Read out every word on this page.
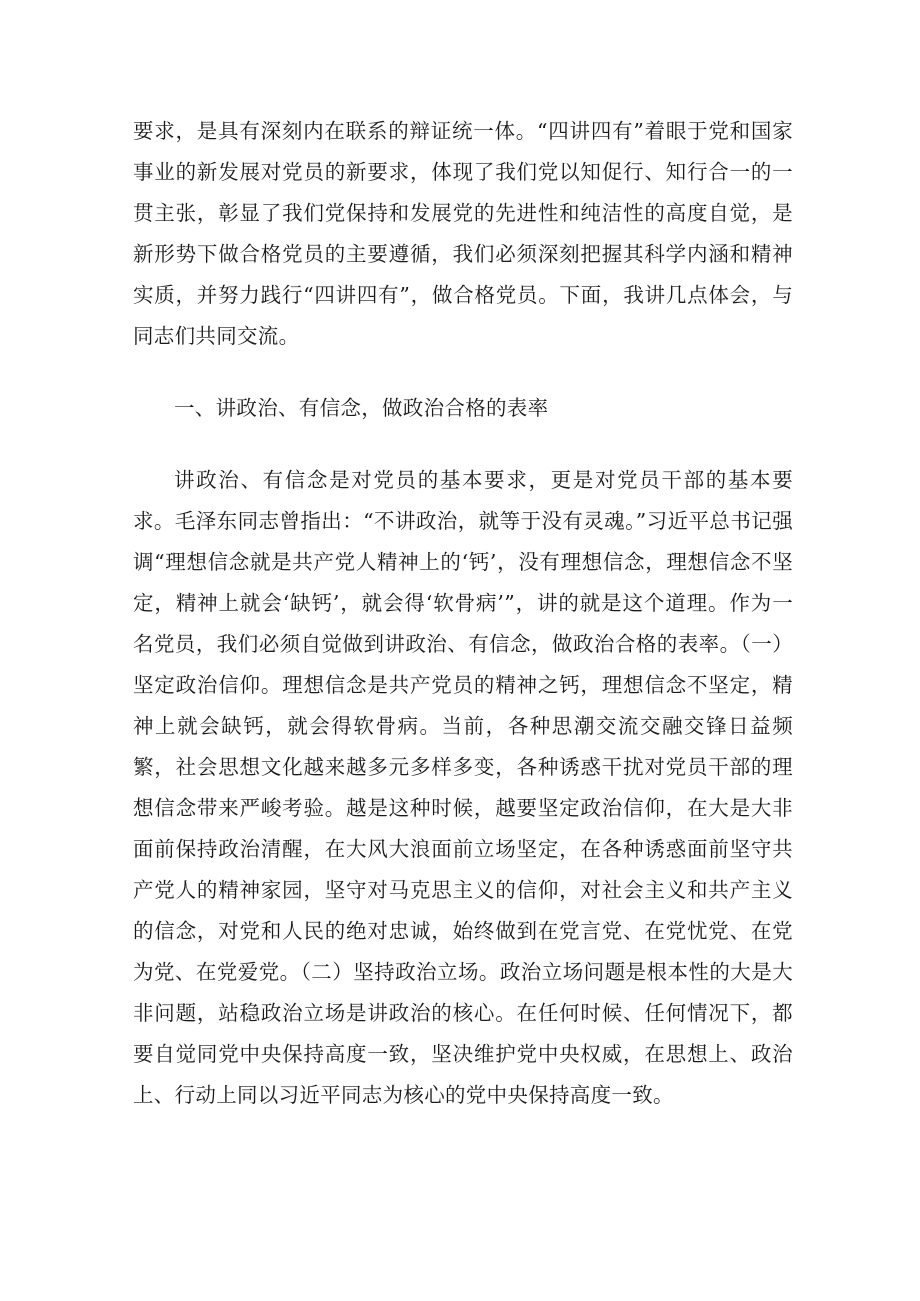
要求，是具有深刻内在联系的辩证统一体。“四讲四有”着眼于党和国家事业的新发展对党员的新要求，体现了我们党以知促行、知行合一的一贯主张，彰显了我们党保持和发展党的先进性和纯洁性的高度自觉，是新形势下做合格党员的主要遵循，我们必须深刻把握其科学内涵和精神实质，并努力践行“四讲四有”，做合格党员。下面，我讲几点体会，与同志们共同交流。

一、讲政治、有信念，做政治合格的表率

讲政治、有信念是对党员的基本要求，更是对党员干部的基本要求。毛泽东同志曾指出：“不讲政治，就等于没有灵魂。”习近平总书记强调“理想信念就是共产党人精神上的‘钙’，没有理想信念，理想信念不坚定，精神上就会‘缺钙’，就会得‘软骨病’”，讲的就是这个道理。作为一名党员，我们必须自觉做到讲政治、有信念，做政治合格的表率。（一）坚定政治信仰。理想信念是共产党员的精神之钙，理想信念不坚定，精神上就会缺钙，就会得软骨病。当前，各种思潮交流交融交锋日益频繁，社会思想文化越来越多元多样多变，各种诱惑干扰对党员干部的理想信念带来严峻考验。越是这种时候，越要坚定政治信仰，在大是大非面前保持政治清醒，在大风大浪面前立场坚定，在各种诱惑面前坚守共产党人的精神家园，坚守对马克思主义的信仰，对社会主义和共产主义的信念，对党和人民的绝对忠诚，始终做到在党言党、在党忧党、在党为党、在党爱党。（二）坚持政治立场。政治立场问题是根本性的大是大非问题，站稳政治立场是讲政治的核心。在任何时候、任何情况下，都要自觉同党中央保持高度一致，坚决维护党中央权威，在思想上、政治上、行动上同以习近平同志为核心的党中央保持高度一致。
